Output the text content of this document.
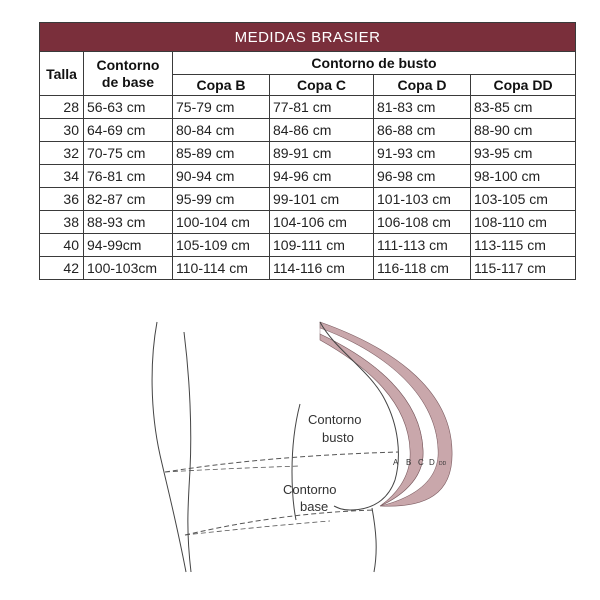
MEDIDAS BRASIER					
Talla	Contorno de base	Contorno de busto			
		Copa B	Copa C	Copa D	Copa DD
28	56-63 cm	75-79 cm	77-81 cm	81-83 cm	83-85 cm
30	64-69 cm	80-84 cm	84-86 cm	86-88 cm	88-90 cm
32	70-75 cm	85-89 cm	89-91 cm	91-93 cm	93-95 cm
34	76-81 cm	90-94 cm	94-96 cm	96-98 cm	98-100 cm
36	82-87 cm	95-99 cm	99-101 cm	101-103 cm	103-105 cm
38	88-93 cm	100-104 cm	104-106 cm	106-108 cm	108-110 cm
40	94-99cm	105-109 cm	109-111 cm	111-113 cm	113-115 cm
42	100-103cm	110-114 cm	114-116 cm	116-118 cm	115-117 cm
Contorno
busto
Contorno
base
A B C D DD
